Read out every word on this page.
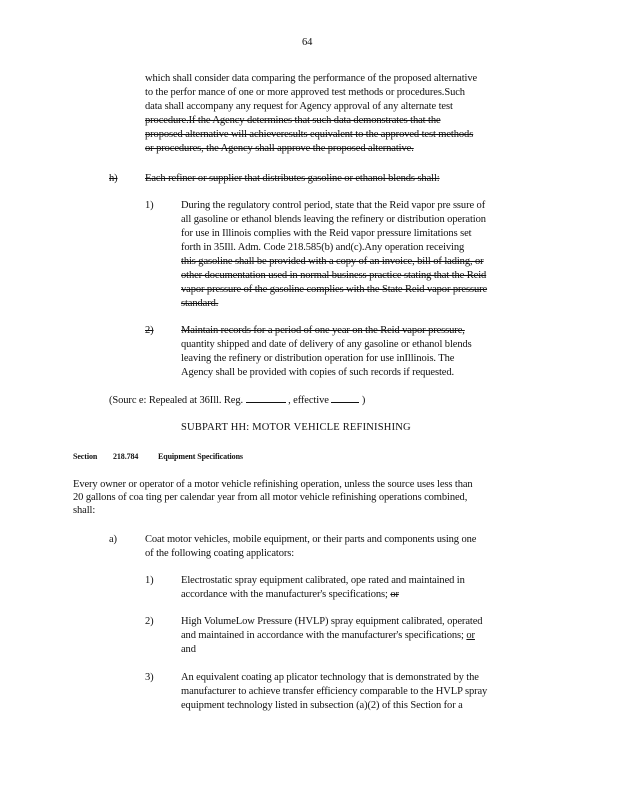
64
which shall consider data comparing the performance of the proposed alternative
to the perfor mance of one or more approved test methods or procedures.Such
data shall accompany any request for Agency approval of any alternate test
procedure.If the Agency determines that such data demonstrates that the
proposed alternative will achieveresults equivalent to the approved test methods
or procedures, the Agency shall approve the proposed alternative.
h)	Each refiner or supplier that distributes gasoline or ethanol blends shall:
1)	During the regulatory control period, state that the Reid vapor pre ssure of
all gasoline or ethanol blends leaving the refinery or distribution operation
for use in Illinois complies with the Reid vapor pressure limitations set
forth in 35Ill. Adm. Code 218.585(b) and(c).Any operation receiving
this gasoline shall be provided with a copy of an invoice, bill of lading, or
other documentation used in normal business practice stating that the Reid
vapor pressure of the gasoline complies with the State Reid vapor pressure
standard.
2)	Maintain records for a period of one year on the Reid vapor pressure,
quantity shipped and date of delivery of any gasoline or ethanol blends
leaving the refinery or distribution operation for use inIllinois. The
Agency shall be provided with copies of such records if requested.
(Sourc e: Repealed at 36Ill. Reg.	, effective	)
SUBPART HH: MOTOR VEHICLE REFINISHING
Section 218.784 Equipment Specifications
Every owner or operator of a motor vehicle refinishing operation, unless the source uses less than
20 gallons of coa ting per calendar year from all motor vehicle refinishing operations combined,
shall:
a)	Coat motor vehicles, mobile equipment, or their parts and components using one
of the following coating applicators:
1)	Electrostatic spray equipment calibrated, ope rated and maintained in
accordance with the manufacturer's specifications; or
2)	High VolumeLow Pressure (HVLP) spray equipment calibrated, operated
and maintained in accordance with the manufacturer's specifications; or
and
3)	An equivalent coating ap plicator technology that is demonstrated by the
manufacturer to achieve transfer efficiency comparable to the HVLP spray
equipment technology listed in subsection (a)(2) of this Section for a
